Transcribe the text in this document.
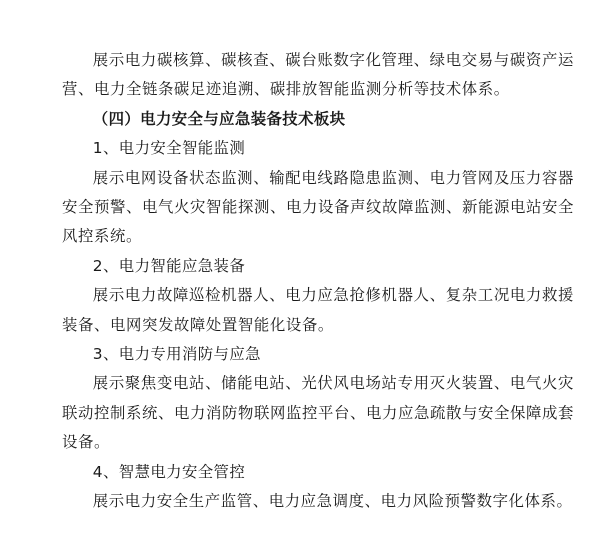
展示电力碳核算、碳核查、碳台账数字化管理、绿电交易与碳资产运营、电力全链条碳足迹追溯、碳排放智能监测分析等技术体系。

（四）电力安全与应急装备技术板块

1、电力安全智能监测

展示电网设备状态监测、输配电线路隐患监测、电力管网及压力容器安全预警、电气火灾智能探测、电力设备声纹故障监测、新能源电站安全风控系统。

2、电力智能应急装备

展示电力故障巡检机器人、电力应急抢修机器人、复杂工况电力救援装备、电网突发故障处置智能化设备。

3、电力专用消防与应急

展示聚焦变电站、储能电站、光伏风电场站专用灭火装置、电气火灾联动控制系统、电力消防物联网监控平台、电力应急疏散与安全保障成套设备。

4、智慧电力安全管控

展示电力安全生产监管、电力应急调度、电力风险预警数字化体系。
